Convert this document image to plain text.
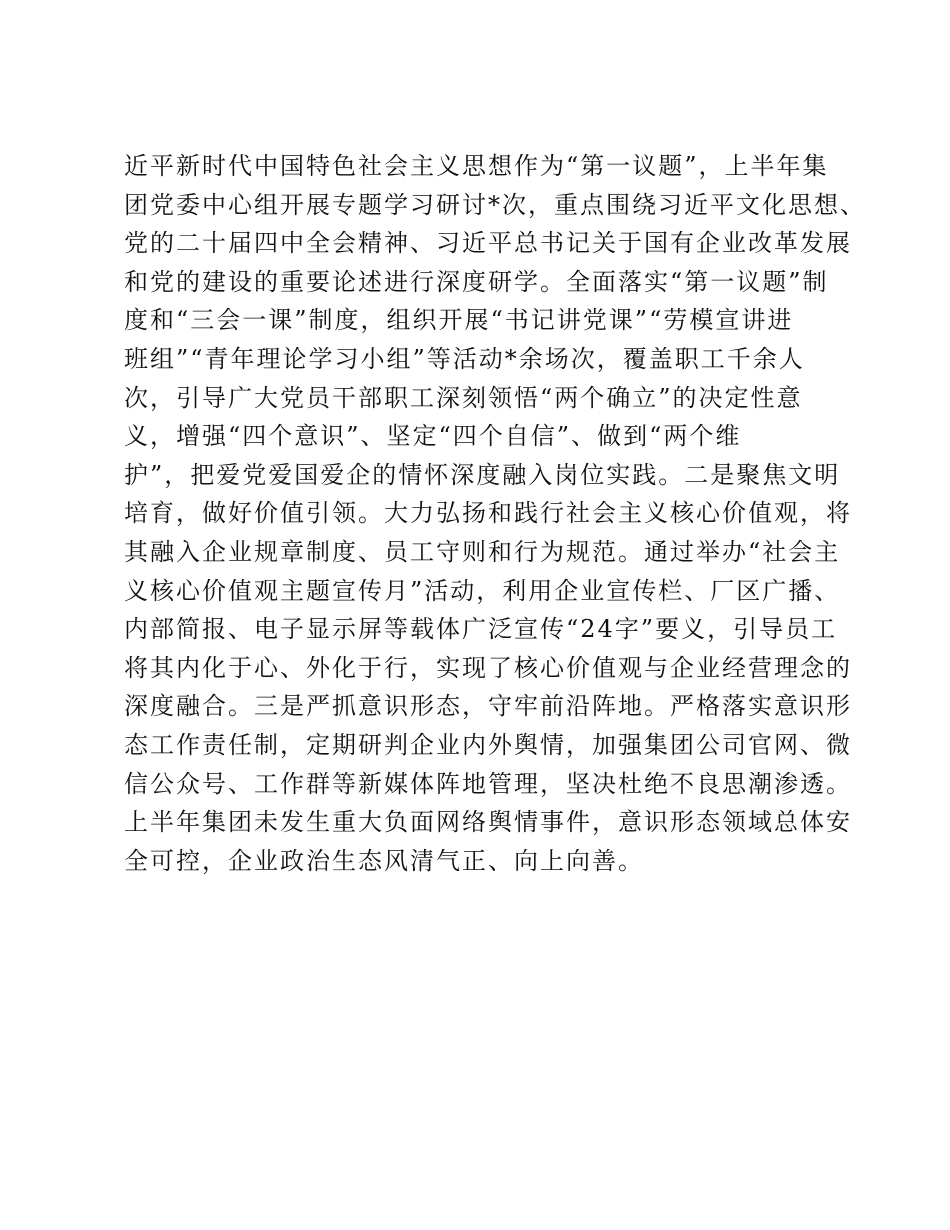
近平新时代中国特色社会主义思想作为“第一议题”，上半年集
团党委中心组开展专题学习研讨*次，重点围绕习近平文化思想、
党的二十届四中全会精神、习近平总书记关于国有企业改革发展
和党的建设的重要论述进行深度研学。全面落实“第一议题”制
度和“三会一课”制度，组织开展“书记讲党课”“劳模宣讲进
班组”“青年理论学习小组”等活动*余场次，覆盖职工千余人
次，引导广大党员干部职工深刻领悟“两个确立”的决定性意
义，增强“四个意识”、坚定“四个自信”、做到“两个维
护”，把爱党爱国爱企的情怀深度融入岗位实践。二是聚焦文明
培育，做好价值引领。大力弘扬和践行社会主义核心价值观，将
其融入企业规章制度、员工守则和行为规范。通过举办“社会主
义核心价值观主题宣传月”活动，利用企业宣传栏、厂区广播、
内部简报、电子显示屏等载体广泛宣传“24字”要义，引导员工
将其内化于心、外化于行，实现了核心价值观与企业经营理念的
深度融合。三是严抓意识形态，守牢前沿阵地。严格落实意识形
态工作责任制，定期研判企业内外舆情，加强集团公司官网、微
信公众号、工作群等新媒体阵地管理，坚决杜绝不良思潮渗透。
上半年集团未发生重大负面网络舆情事件，意识形态领域总体安
全可控，企业政治生态风清气正、向上向善。
